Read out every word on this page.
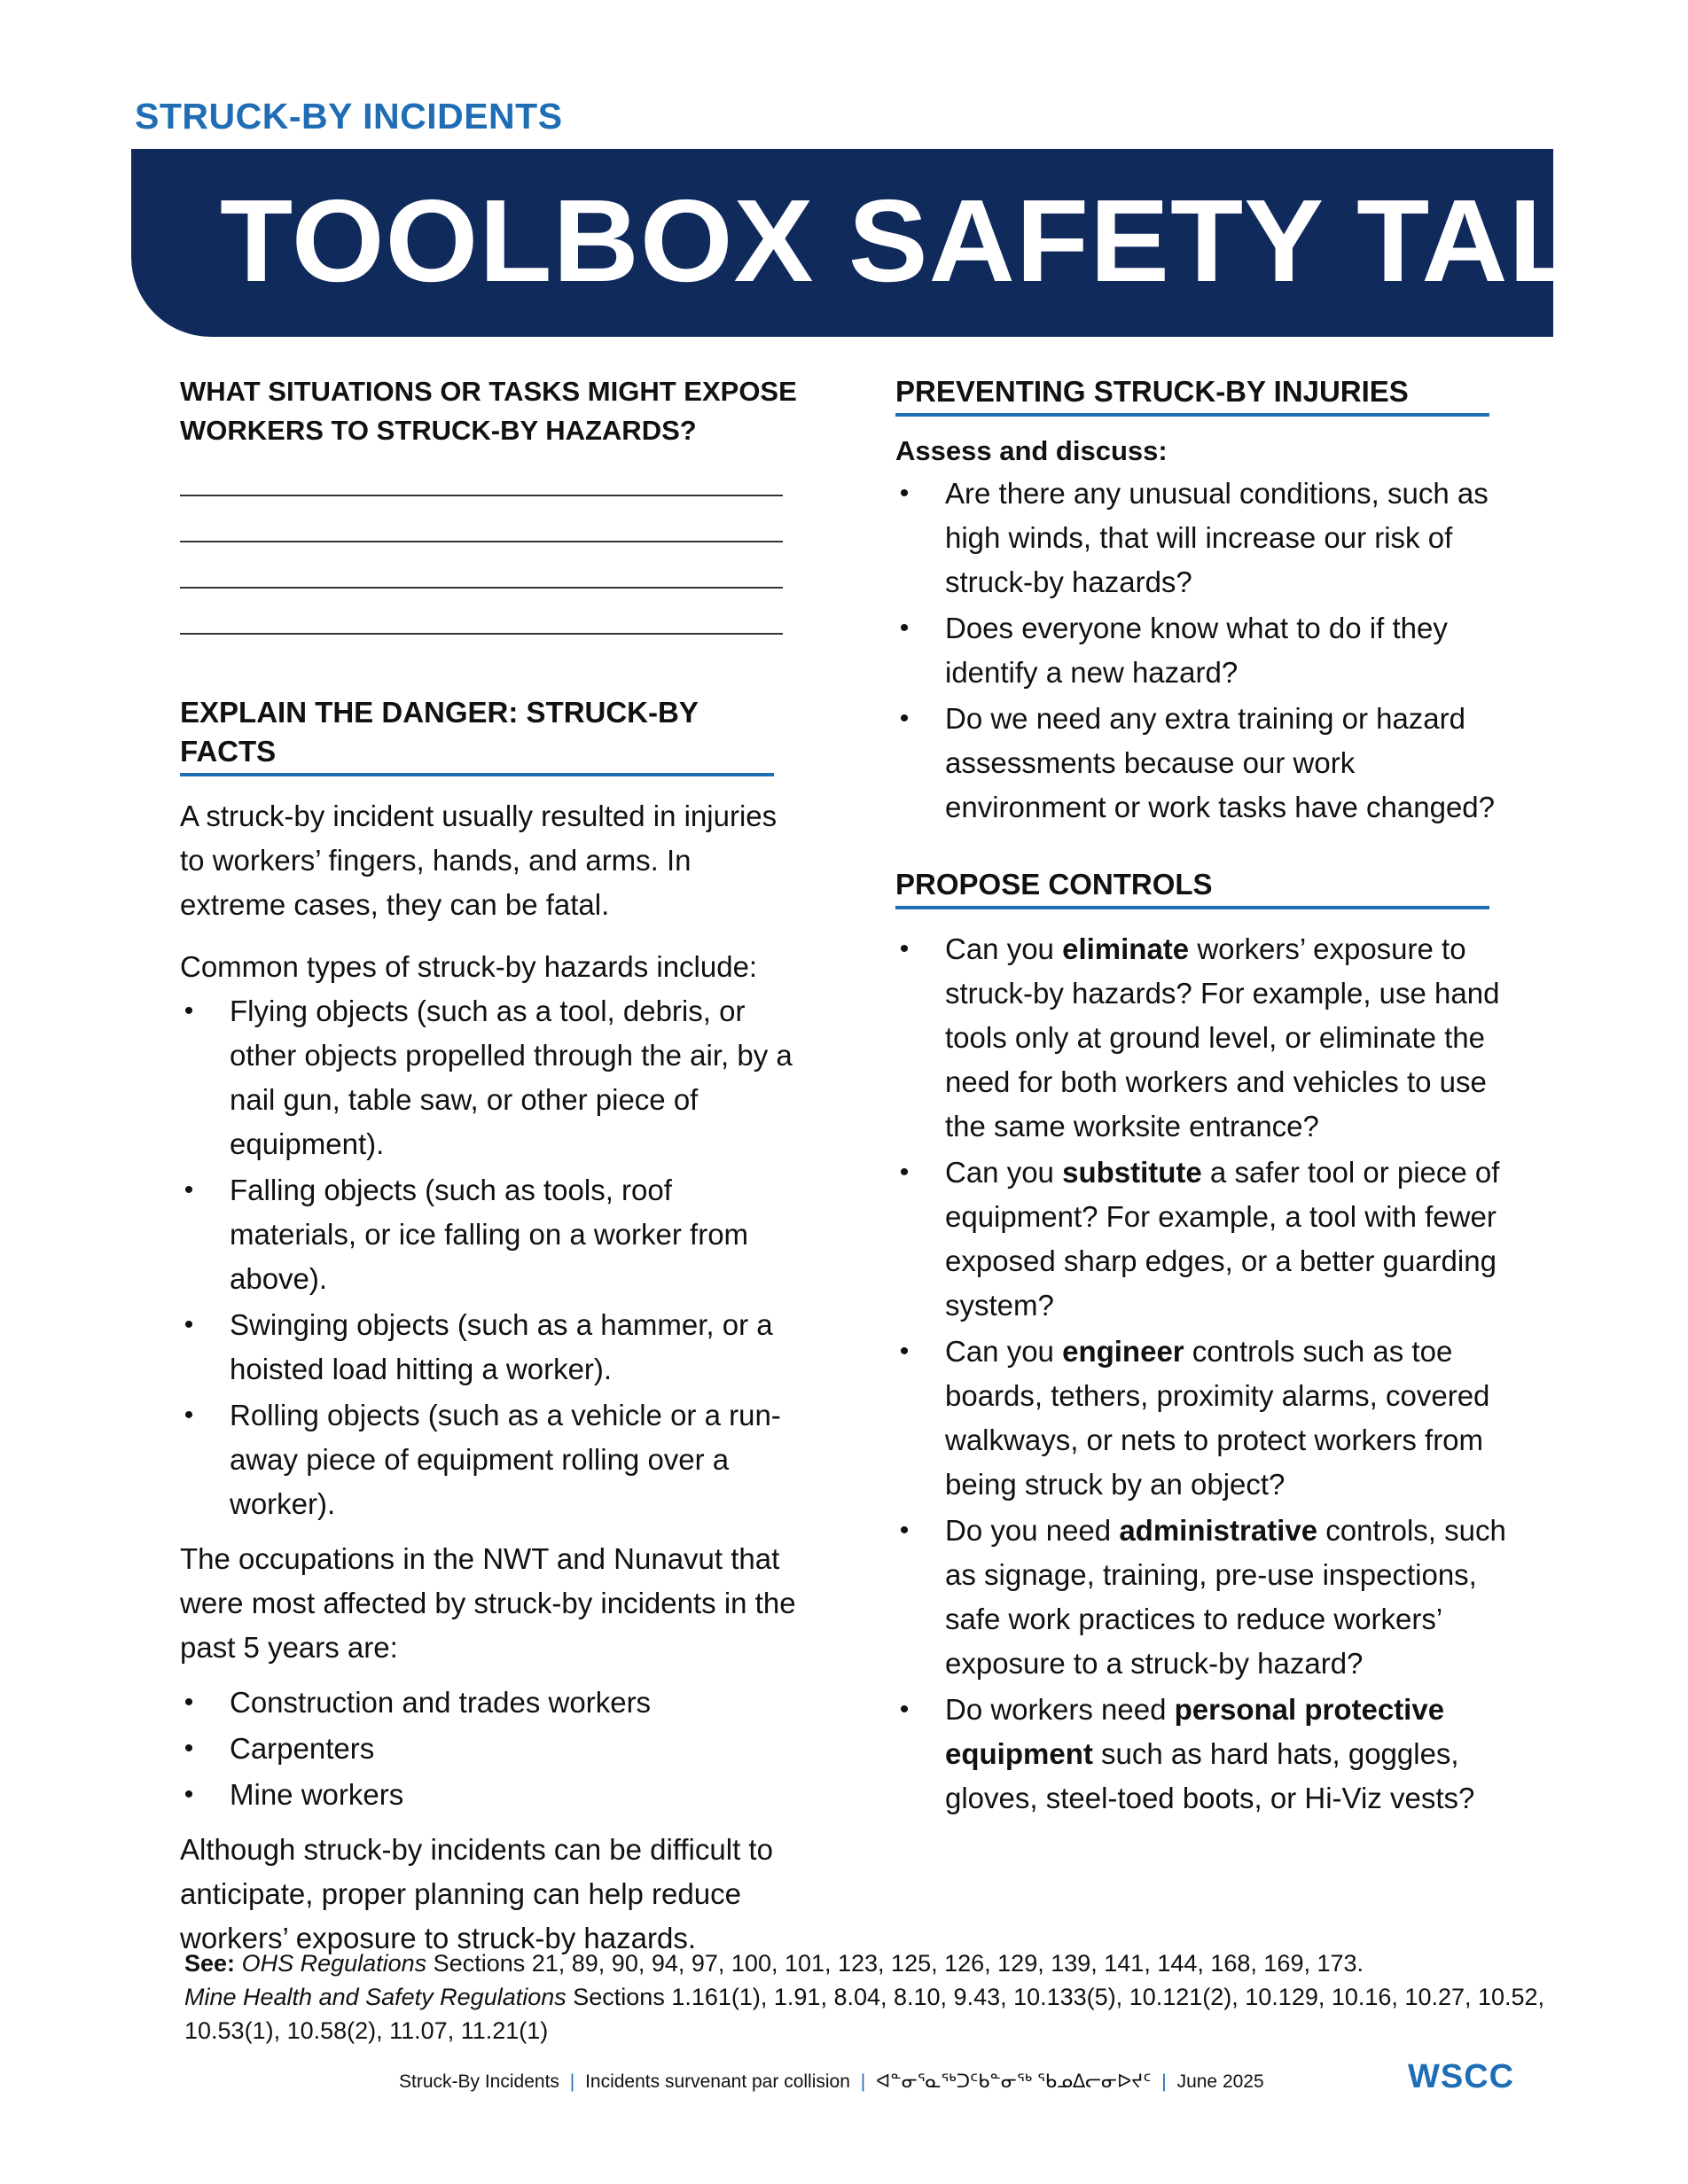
STRUCK-BY INCIDENTS
TOOLBOX SAFETY TALK

WHAT SITUATIONS OR TASKS MIGHT EXPOSE WORKERS TO STRUCK-BY HAZARDS?

EXPLAIN THE DANGER: STRUCK-BY FACTS

A struck-by incident usually resulted in injuries to workers’ fingers, hands, and arms. In extreme cases, they can be fatal.

Common types of struck-by hazards include:

• Flying objects (such as a tool, debris, or other objects propelled through the air, by a nail gun, table saw, or other piece of equipment).
• Falling objects (such as tools, roof materials, or ice falling on a worker from above).
• Swinging objects (such as a hammer, or a hoisted load hitting a worker).
• Rolling objects (such as a vehicle or a run-away piece of equipment rolling over a worker).

The occupations in the NWT and Nunavut that were most affected by struck-by incidents in the past 5 years are:

• Construction and trades workers
• Carpenters
• Mine workers

Although struck-by incidents can be difficult to anticipate, proper planning can help reduce workers’ exposure to struck-by hazards.

PREVENTING STRUCK-BY INJURIES

Assess and discuss:

• Are there any unusual conditions, such as high winds, that will increase our risk of struck-by hazards?
• Does everyone know what to do if they identify a new hazard?
• Do we need any extra training or hazard assessments because our work environment or work tasks have changed?
PROPOSE CONTROLS
• Can you eliminate workers’ exposure to struck-by hazards? For example, use hand tools only at ground level, or eliminate the need for both workers and vehicles to use the same worksite entrance?
• Can you substitute a safer tool or piece of equipment? For example, a tool with fewer exposed sharp edges, or a better guarding system?
• Can you engineer controls such as toe boards, tethers, proximity alarms, covered walkways, or nets to protect workers from being struck by an object?
• Do you need administrative controls, such as signage, training, pre-use inspections, safe work practices to reduce workers’ exposure to a struck-by hazard?
• Do workers need personal protective equipment such as hard hats, goggles, gloves, steel-toed boots, or Hi-Viz vests?
See: OHS Regulations Sections 21, 89, 90, 94, 97, 100, 101, 123, 125, 126, 129, 139, 141, 144, 168, 169, 173.
Mine Health and Safety Regulations Sections 1.161(1), 1.91, 8.04, 8.10, 9.43, 10.133(5), 10.121(2), 10.129, 10.16, 10.27, 10.52, 10.53(1), 10.58(2), 11.07, 11.21(1)
Struck-By Incidents | Incidents survenant par collision | ᐊᓐᓂᕐᓇᖅᑐᑦᑲᓐᓂᖅ ᖃᓄᐃᓕᓂᐅᔪᑦ | June 2025	WSCC
